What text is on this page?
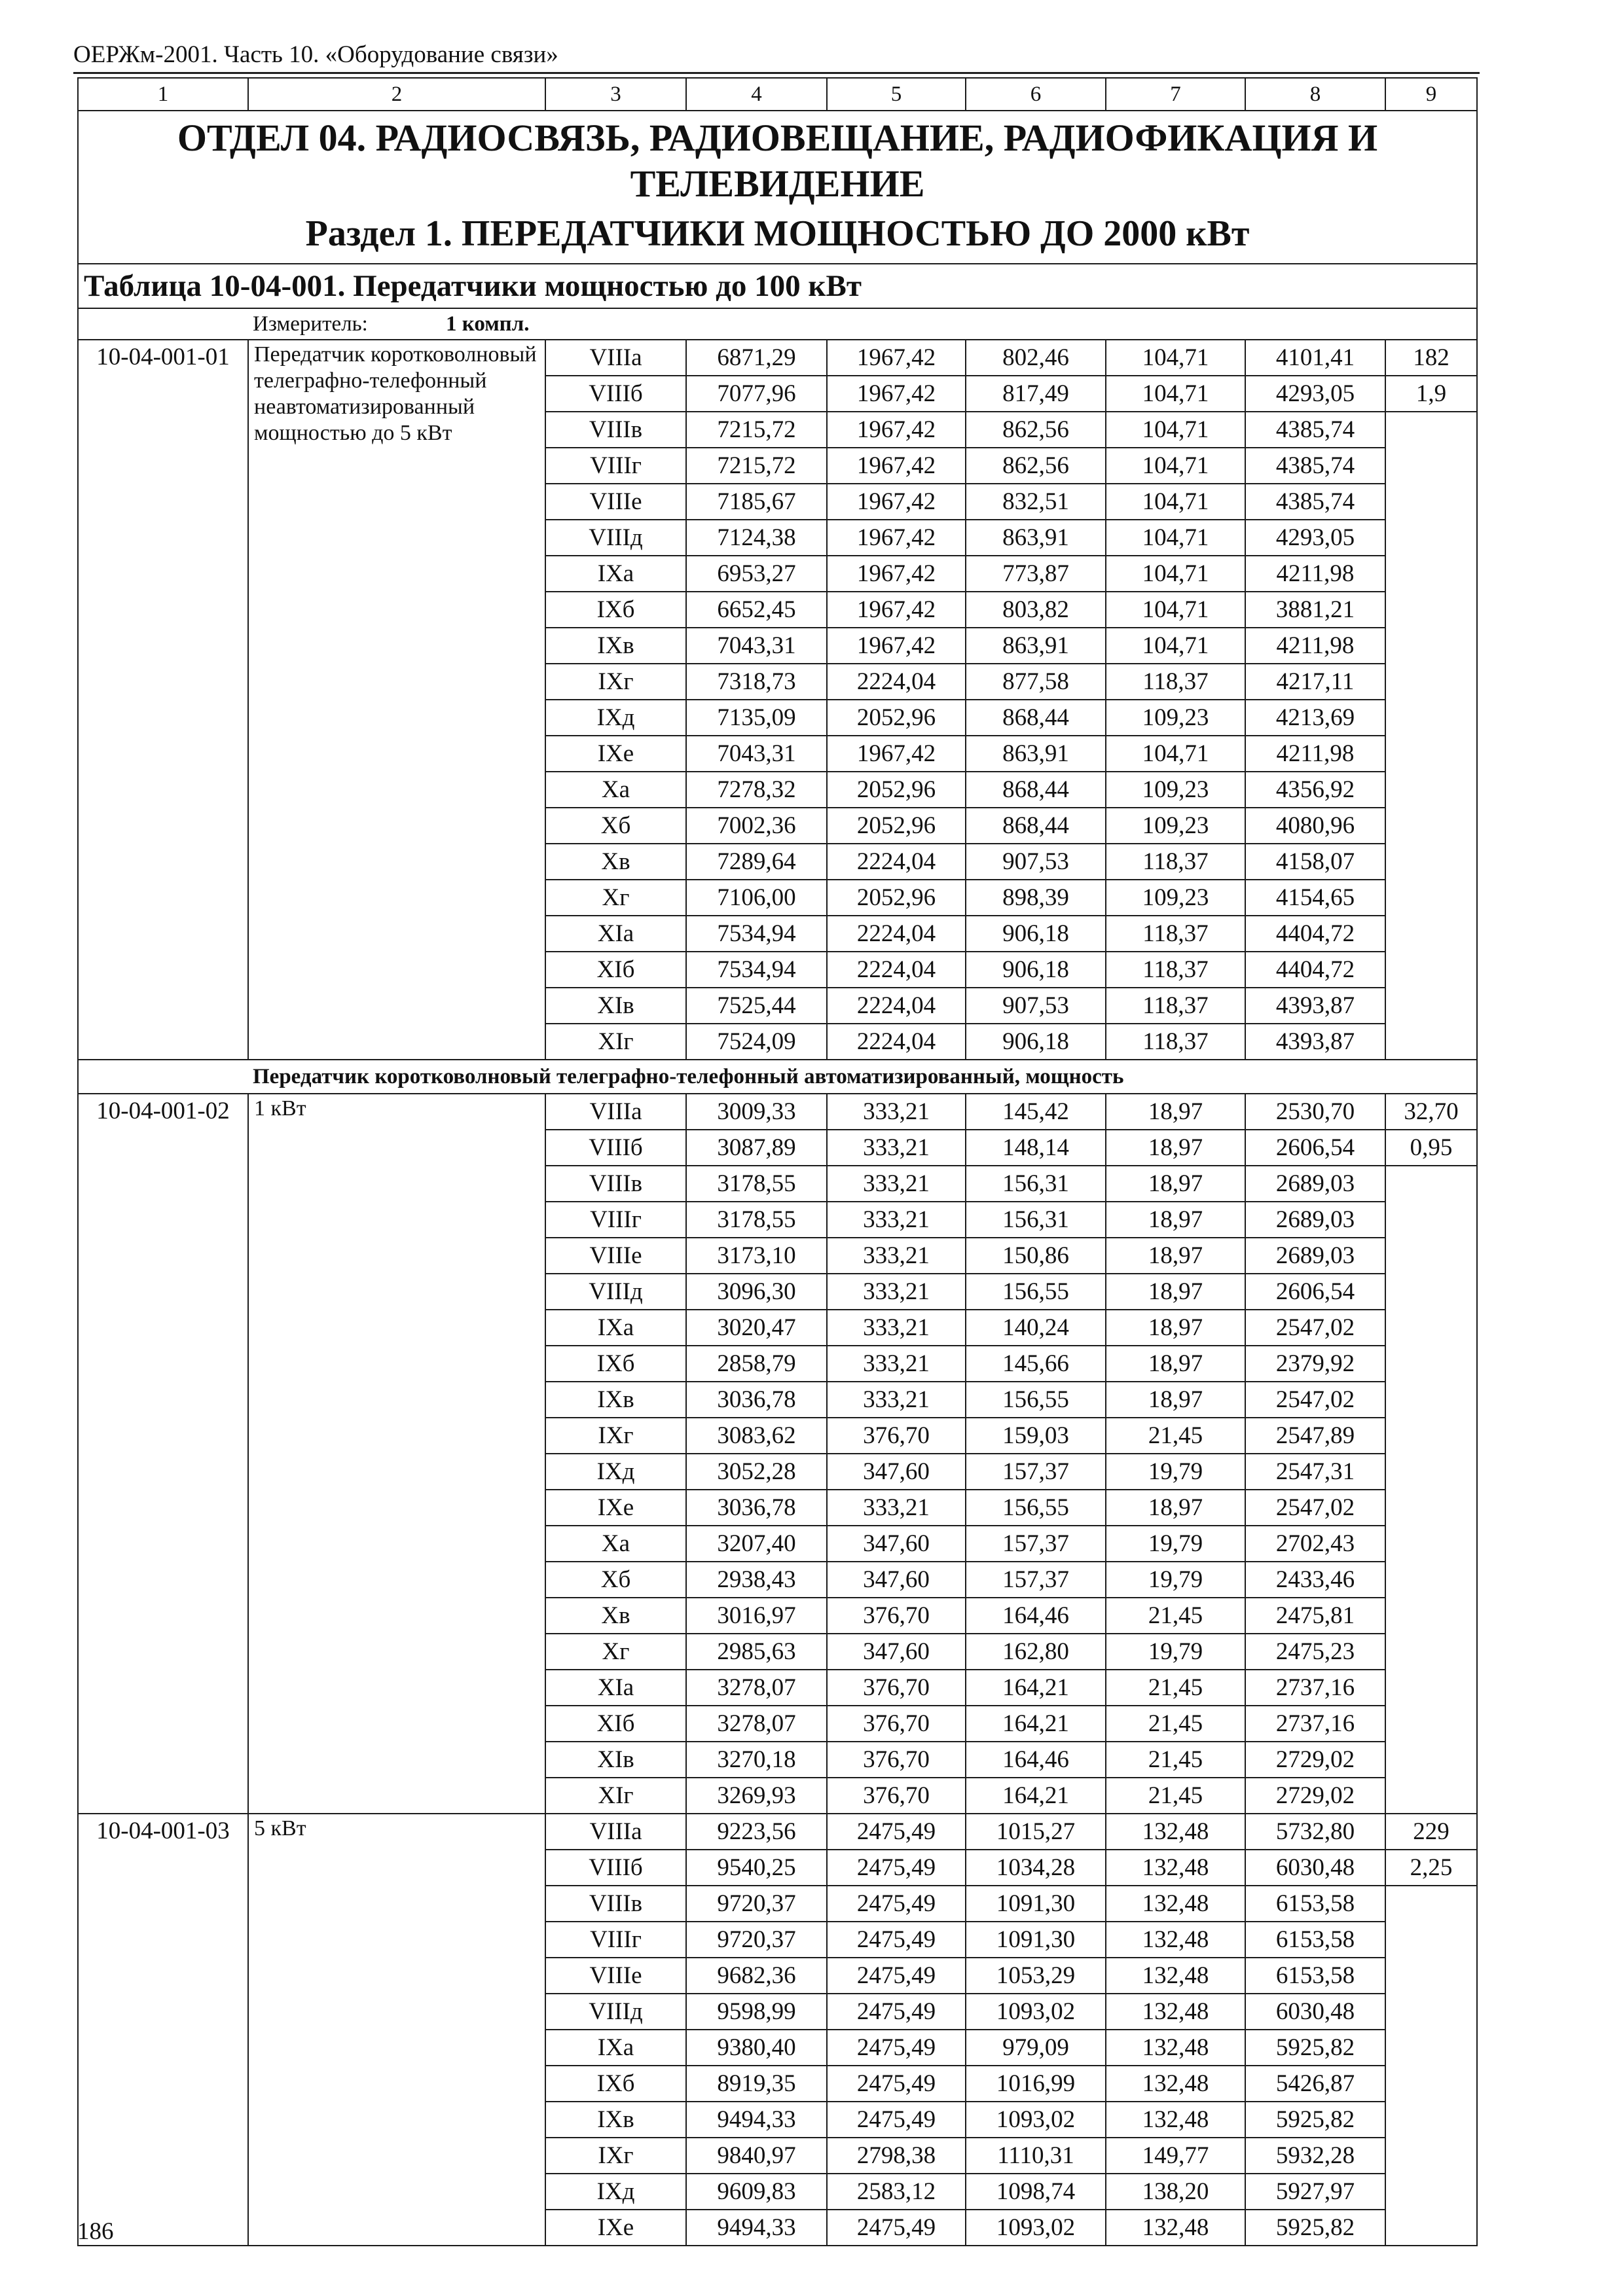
ОЕРЖм-2001. Часть 10. «Оборудование связи»
1	2	3	4	5	6	7	8	9

ОТДЕЛ 04. РАДИОСВЯЗЬ, РАДИОВЕЩАНИЕ, РАДИОФИКАЦИЯ И ТЕЛЕВИДЕНИЕ
Раздел 1. ПЕРЕДАТЧИКИ МОЩНОСТЬЮ ДО 2000 кВт								

Таблица 10-04-001. Передатчики мощностью до 100 кВт								
Измеритель: 1 компл.								
10-04-001-01	Передатчик коротковолновый телеграфно-телефонный неавтоматизированный мощностью до 5 кВт	VIIIа	6871,29	1967,42	802,46	104,71	4101,41	182
		VIIIб	7077,96	1967,42	817,49	104,71	4293,05	1,9
		VIIIв	7215,72	1967,42	862,56	104,71	4385,74	
		VIIIг	7215,72	1967,42	862,56	104,71	4385,74	
		VIIIе	7185,67	1967,42	832,51	104,71	4385,74	
		VIIIд	7124,38	1967,42	863,91	104,71	4293,05	
		IXа	6953,27	1967,42	773,87	104,71	4211,98	
		IXб	6652,45	1967,42	803,82	104,71	3881,21	
		IXв	7043,31	1967,42	863,91	104,71	4211,98	
		IXг	7318,73	2224,04	877,58	118,37	4217,11	
		IXд	7135,09	2052,96	868,44	109,23	4213,69	
		IXе	7043,31	1967,42	863,91	104,71	4211,98	
		Xа	7278,32	2052,96	868,44	109,23	4356,92	
		Xб	7002,36	2052,96	868,44	109,23	4080,96	
		Xв	7289,64	2224,04	907,53	118,37	4158,07	
		Xг	7106,00	2052,96	898,39	109,23	4154,65	
		XIа	7534,94	2224,04	906,18	118,37	4404,72	
		XIб	7534,94	2224,04	906,18	118,37	4404,72	
		XIв	7525,44	2224,04	907,53	118,37	4393,87	
		XIг	7524,09	2224,04	906,18	118,37	4393,87	
Передатчик коротковолновый телеграфно-телефонный автоматизированный, мощность								
10-04-001-02	1 кВт	VIIIа	3009,33	333,21	145,42	18,97	2530,70	32,70
		VIIIб	3087,89	333,21	148,14	18,97	2606,54	0,95
		VIIIв	3178,55	333,21	156,31	18,97	2689,03	
		VIIIг	3178,55	333,21	156,31	18,97	2689,03	
		VIIIе	3173,10	333,21	150,86	18,97	2689,03	
		VIIIд	3096,30	333,21	156,55	18,97	2606,54	
		IXа	3020,47	333,21	140,24	18,97	2547,02	
		IXб	2858,79	333,21	145,66	18,97	2379,92	
		IXв	3036,78	333,21	156,55	18,97	2547,02	
		IXг	3083,62	376,70	159,03	21,45	2547,89	
		IXд	3052,28	347,60	157,37	19,79	2547,31	
		IXе	3036,78	333,21	156,55	18,97	2547,02	
		Xа	3207,40	347,60	157,37	19,79	2702,43	
		Xб	2938,43	347,60	157,37	19,79	2433,46	
		Xв	3016,97	376,70	164,46	21,45	2475,81	
		Xг	2985,63	347,60	162,80	19,79	2475,23	
		XIа	3278,07	376,70	164,21	21,45	2737,16	
		XIб	3278,07	376,70	164,21	21,45	2737,16	
		XIв	3270,18	376,70	164,46	21,45	2729,02	
		XIг	3269,93	376,70	164,21	21,45	2729,02	
10-04-001-03	5 кВт	VIIIа	9223,56	2475,49	1015,27	132,48	5732,80	229
		VIIIб	9540,25	2475,49	1034,28	132,48	6030,48	2,25
		VIIIв	9720,37	2475,49	1091,30	132,48	6153,58	
		VIIIг	9720,37	2475,49	1091,30	132,48	6153,58	
		VIIIе	9682,36	2475,49	1053,29	132,48	6153,58	
		VIIIд	9598,99	2475,49	1093,02	132,48	6030,48	
		IXа	9380,40	2475,49	979,09	132,48	5925,82	
		IXб	8919,35	2475,49	1016,99	132,48	5426,87	
		IXв	9494,33	2475,49	1093,02	132,48	5925,82	
		IXг	9840,97	2798,38	1110,31	149,77	5932,28	
		IXд	9609,83	2583,12	1098,74	138,20	5927,97	
		IXе	9494,33	2475,49	1093,02	132,48	5925,82	
186
